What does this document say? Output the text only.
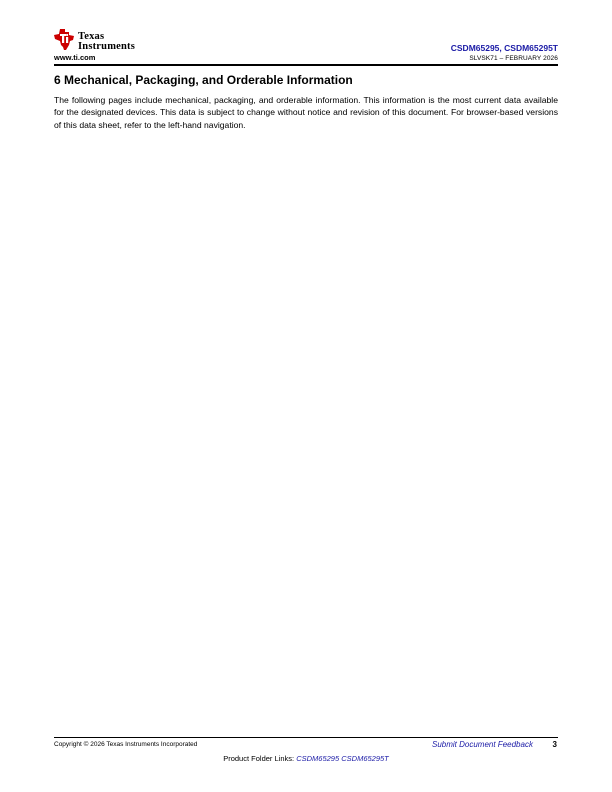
Texas
Instruments
www.ti.com
CSDM65295, CSDM65295T
SLVSK71 – FEBRUARY 2026
6 Mechanical, Packaging, and Orderable Information
The following pages include mechanical, packaging, and orderable information. This information is the most current data available for the designated devices. This data is subject to change without notice and revision of this document. For browser-based versions of this data sheet, refer to the left-hand navigation.
Copyright © 2026 Texas Instruments Incorporated	Submit Document Feedback 3
Product Folder Links: CSDM65295 CSDM65295T
